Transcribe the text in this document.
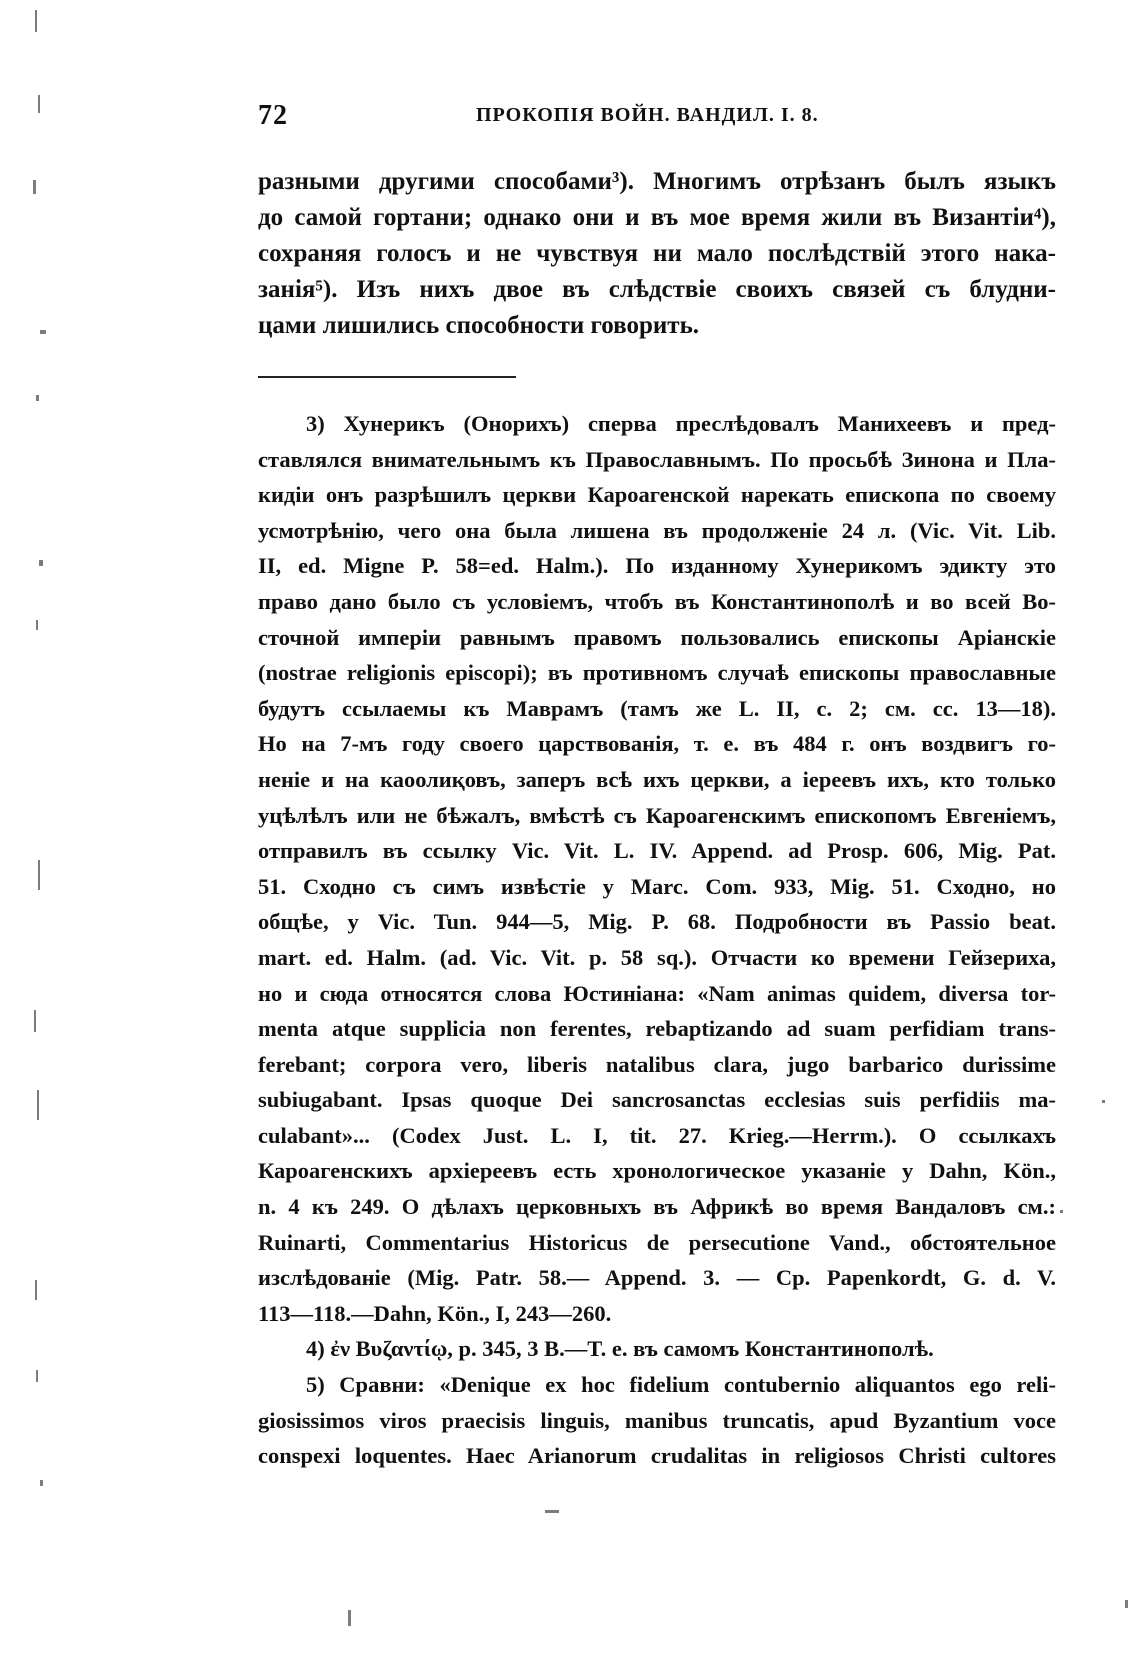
72	ПРОКОПІЯ ВОЙН. ВАНДИЛ. I. 8.
разными другими способами³). Многимъ отрѣзанъ былъ языкъ
до самой гортани; однако они и въ мое время жили въ Византіи⁴),
сохраняя голосъ и не чувствуя ни мало послѣдствій этого нака-
занія⁵). Изъ нихъ двое въ слѣдствіе своихъ связей съ блудни-
цами лишились способности говорить.
3) Хунерикъ (Онорихъ) сперва преслѣдовалъ Манихеевъ и пред-
ставлялся внимательнымъ къ Православнымъ. По просьбѣ Зинона и Пла-
кидіи онъ разрѣшилъ церкви Кароагенской нарекать епископа по своему
усмотрѣнію, чего она была лишена въ продолженіе 24 л. (Vic. Vit. Lib.
II, ed. Migne P. 58=ed. Halm.). По изданному Хунерикомъ эдикту это
право дано было съ условіемъ, чтобъ въ Константинополѣ и во всей Во-
сточной имперіи равнымъ правомъ пользовались епископы Аріанскіе
(nostrae religionis episcopi); въ противномъ случаѣ епископы православные
будутъ ссылаемы къ Маврамъ (тамъ же L. II, c. 2; см. cc. 13—18).
Но на 7-мъ году своего царствованія, т. е. въ 484 г. онъ воздвигъ го-
неніе и на каоолиқовъ, заперъ всѣ ихъ церкви, а іереевъ ихъ, кто только
уцѣлѣлъ или не бѣжалъ, вмѣстѣ съ Кароагенскимъ епископомъ Евгеніемъ,
отправилъ въ ссылку Vic. Vit. L. IV. Append. ad Prosp. 606, Mig. Pat.
51. Сходно съ симъ извѣстіе у Marc. Com. 933, Mig. 51. Сходно, но
общѣе, у Vic. Tun. 944—5, Mig. P. 68. Подробности въ Passio beat.
mart. ed. Halm. (ad. Vic. Vit. p. 58 sq.). Отчасти ко времени Гейзериха,
но и сюда относятся слова Юстиніана: «Nam animas quidem, diversa tor-
menta atque supplicia non ferentes, rebaptizando ad suam perfidiam trans-
ferebant; corpora vero, liberis natalibus clara, jugo barbarico durissime
subiugabant. Ipsas quoque Dei sancrosanctas ecclesias suis perfidiis ma-
culabant»... (Codex Just. L. I, tit. 27. Krieg.—Herrm.). О ссылкахъ
Кароагенскихъ архіереевъ есть хронологическое указаніе у Dahn, Kön.,
n. 4 къ 249. О дѣлахъ церковныхъ въ Африкѣ во время Вандаловъ см.:
Ruinarti, Commentarius Historicus de persecutione Vand., обстоятельное
изслѣдованіе (Mig. Patr. 58.— Append. 3. — Cp. Papenkordt, G. d. V.
113—118.—Dahn, Kön., I, 243—260.
4) ἐν Βυζαντίῳ, p. 345, 3 B.—T. e. въ самомъ Константинополѣ.
5) Сравни: «Denique ex hoc fidelium contubernio aliquantos ego reli-
giosissimos viros praecisis linguis, manibus truncatis, apud Byzantium voce
conspexi loquentes. Haec Arianorum crudalitas in religiosos Christi cultores
